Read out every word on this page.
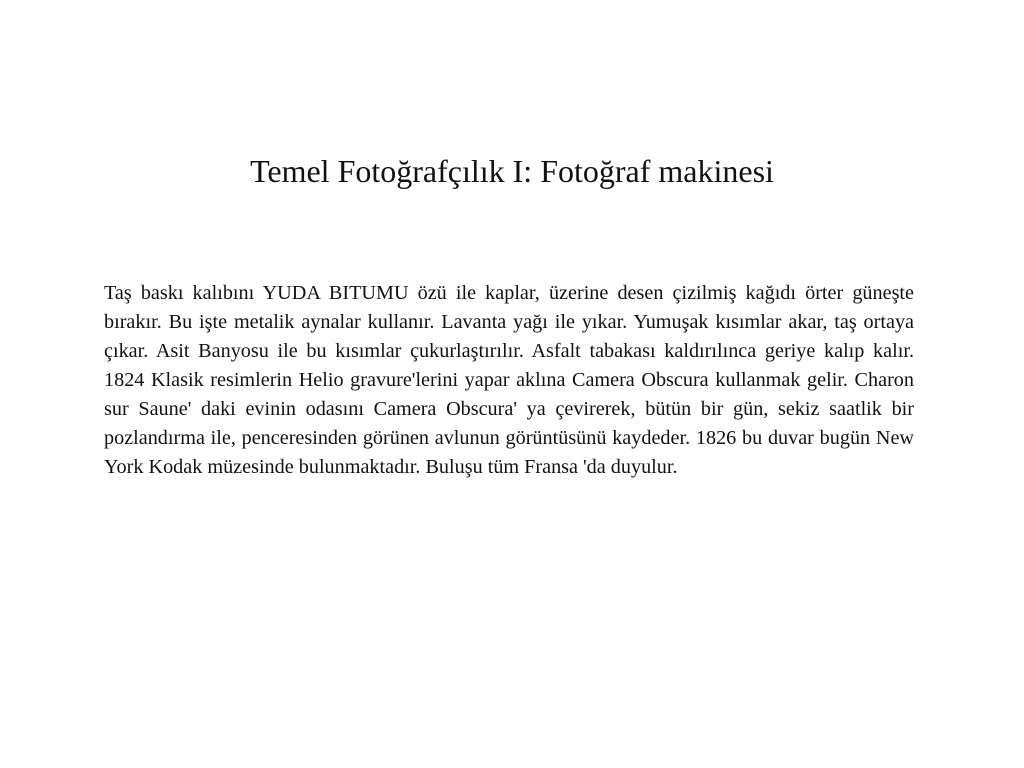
Temel Fotoğrafçılık I: Fotoğraf makinesi

Taş baskı kalıbını YUDA BITUMU özü ile kaplar, üzerine desen çizilmiş kağıdı örter güneşte bırakır. Bu işte metalik aynalar kullanır. Lavanta yağı ile yıkar. Yumuşak kısımlar akar, taş ortaya çıkar. Asit Banyosu ile bu kısımlar çukurlaştırılır. Asfalt tabakası kaldırılınca geriye kalıp kalır. 1824 Klasik resimlerin Helio gravure'lerini yapar aklına Camera Obscura kullanmak gelir. Charon sur Saune' daki evinin odasını Camera Obscura' ya çevirerek, bütün bir gün, sekiz saatlik bir pozlandırma ile, penceresinden görünen avlunun görüntüsünü kaydeder. 1826 bu duvar bugün New York Kodak müzesinde bulunmaktadır. Buluşu tüm Fransa 'da duyulur.
